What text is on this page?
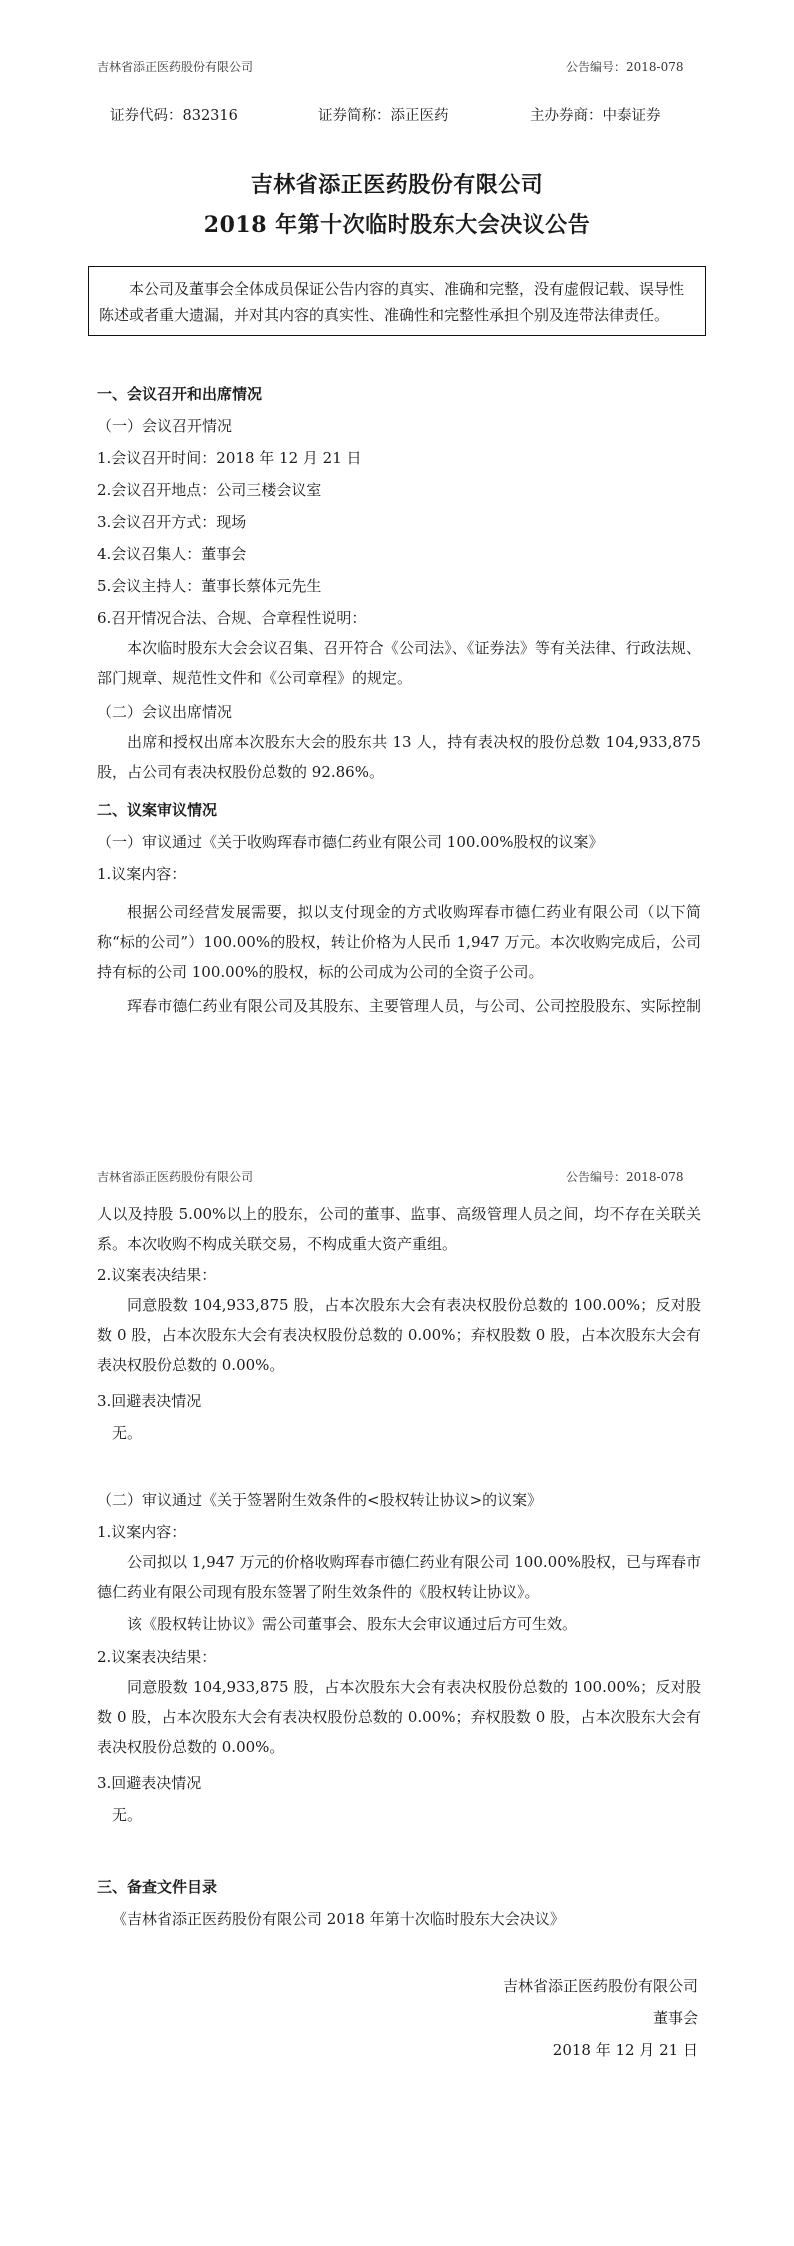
吉林省添正医药股份有限公司	公告编号：2018-078
证券代码：832316	证券简称：添正医药	主办券商：中泰证券
吉林省添正医药股份有限公司
2018 年第十次临时股东大会决议公告
本公司及董事会全体成员保证公告内容的真实、准确和完整，没有虚假记载、误导性陈述或者重大遗漏，并对其内容的真实性、准确性和完整性承担个别及连带法律责任。
一、会议召开和出席情况
（一）会议召开情况
1.会议召开时间：2018 年 12 月 21 日
2.会议召开地点：公司三楼会议室
3.会议召开方式：现场
4.会议召集人：董事会
5.会议主持人：董事长蔡体元先生
6.召开情况合法、合规、合章程性说明：
本次临时股东大会会议召集、召开符合《公司法》、《证券法》等有关法律、行政法规、部门规章、规范性文件和《公司章程》的规定。
（二）会议出席情况
出席和授权出席本次股东大会的股东共 13 人，持有表决权的股份总数 104,933,875 股，占公司有表决权股份总数的 92.86%。
二、议案审议情况
（一）审议通过《关于收购珲春市德仁药业有限公司 100.00%股权的议案》
1.议案内容：
根据公司经营发展需要，拟以支付现金的方式收购珲春市德仁药业有限公司（以下简称“标的公司”）100.00%的股权，转让价格为人民币 1,947 万元。本次收购完成后，公司持有标的公司 100.00%的股权，标的公司成为公司的全资子公司。
珲春市德仁药业有限公司及其股东、主要管理人员，与公司、公司控股股东、实际控制
吉林省添正医药股份有限公司	公告编号：2018-078
人以及持股 5.00%以上的股东，公司的董事、监事、高级管理人员之间，均不存在关联关系。本次收购不构成关联交易，不构成重大资产重组。
2.议案表决结果：
同意股数 104,933,875 股，占本次股东大会有表决权股份总数的 100.00%；反对股数 0 股，占本次股东大会有表决权股份总数的 0.00%；弃权股数 0 股，占本次股东大会有表决权股份总数的 0.00%。
3.回避表决情况
无。
（二）审议通过《关于签署附生效条件的<股权转让协议>的议案》
1.议案内容：
公司拟以 1,947 万元的价格收购珲春市德仁药业有限公司 100.00%股权，已与珲春市德仁药业有限公司现有股东签署了附生效条件的《股权转让协议》。
该《股权转让协议》需公司董事会、股东大会审议通过后方可生效。
2.议案表决结果：
同意股数 104,933,875 股，占本次股东大会有表决权股份总数的 100.00%；反对股数 0 股，占本次股东大会有表决权股份总数的 0.00%；弃权股数 0 股，占本次股东大会有表决权股份总数的 0.00%。
3.回避表决情况
无。
三、备查文件目录
《吉林省添正医药股份有限公司 2018 年第十次临时股东大会决议》
吉林省添正医药股份有限公司
董事会
2018 年 12 月 21 日
